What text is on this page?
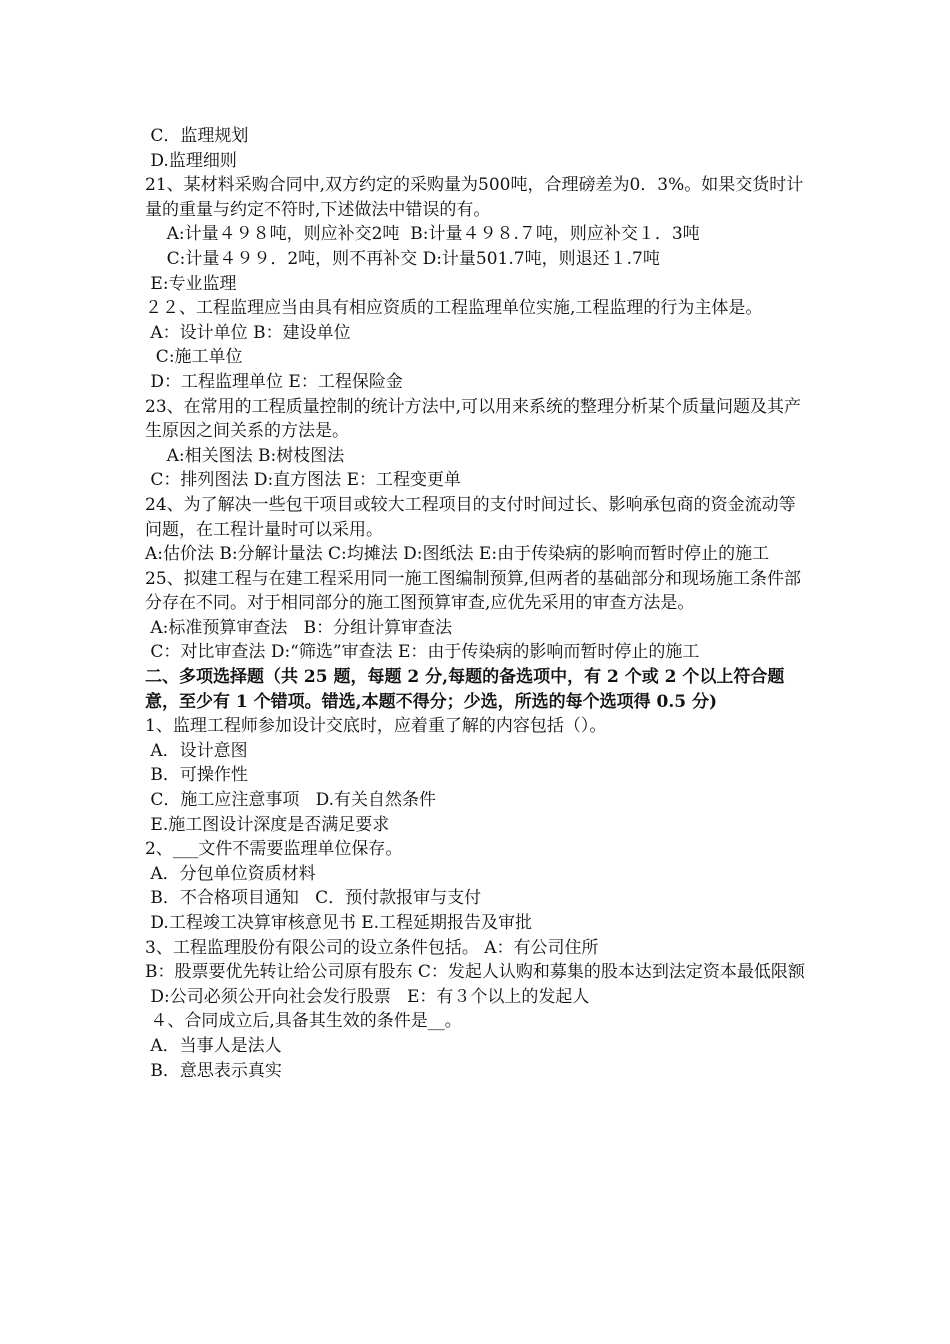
C．监理规划
D.监理细则
21、某材料采购合同中,双方约定的采购量为500吨，合理磅差为0．3%。如果交货时计量的重量与约定不符时,下述做法中错误的有。
A:计量４９８吨，则应补交2吨  B:计量４９８.７吨，则应补交１．3吨
C:计量４９９．2吨，则不再补交 D:计量501.7吨，则退还１.7吨
E:专业监理
２２、工程监理应当由具有相应资质的工程监理单位实施,工程监理的行为主体是。
A：设计单位 B：建设单位
C:施工单位
D：工程监理单位 E：工程保险金
23、在常用的工程质量控制的统计方法中,可以用来系统的整理分析某个质量问题及其产生原因之间关系的方法是。
A:相关图法 B:树枝图法
C：排列图法 D:直方图法 E：工程变更单
24、为了解决一些包干项目或较大工程项目的支付时间过长、影响承包商的资金流动等问题，在工程计量时可以采用。
A:估价法 B:分解计量法 C:均摊法 D:图纸法 E:由于传染病的影响而暂时停止的施工
25、拟建工程与在建工程采用同一施工图编制预算,但两者的基础部分和现场施工条件部分存在不同。对于相同部分的施工图预算审查,应优先采用的审查方法是。
A:标准预算审查法   B：分组计算审查法
C：对比审查法 D:“筛选”审查法 E：由于传染病的影响而暂时停止的施工
二、多项选择题（共 25 题，每题 2 分,每题的备选项中，有 2 个或 2 个以上符合题意，至少有 1 个错项。错选,本题不得分；少选，所选的每个选项得 0.5 分)
1、监理工程师参加设计交底时，应着重了解的内容包括（）。
A．设计意图
B．可操作性
C．施工应注意事项   D.有关自然条件
E.施工图设计深度是否满足要求
2、___文件不需要监理单位保存。
A．分包单位资质材料
B．不合格项目通知   C．预付款报审与支付
D.工程竣工决算审核意见书 E.工程延期报告及审批
3、工程监理股份有限公司的设立条件包括。 A：有公司住所
B：股票要优先转让给公司原有股东 C：发起人认购和募集的股本达到法定资本最低限额
D:公司必须公开向社会发行股票   E：有３个以上的发起人
４、合同成立后,具备其生效的条件是__。
A．当事人是法人
B．意思表示真实
